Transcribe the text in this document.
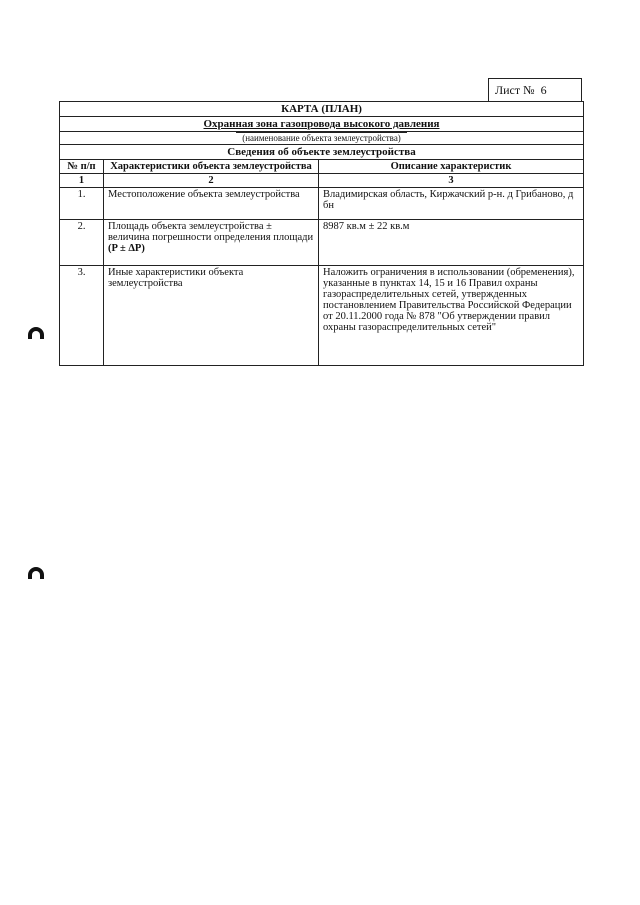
Лист № 6
КАРТА (ПЛАН)		
Охранная зона газопровода высокого давления		
(наименование объекта землеустройства)		
Сведения об объекте землеустройства		
№ п/п	Характеристики объекта землеустройства	Описание характеристик
1	2	3
1.	Местоположение объекта землеустройства	Владимирская область, Киржачский р-н. д Грибаново, д бн
2.	Площадь объекта землеустройства ± величина погрешности определения площади (P ± ΔP)	8987 кв.м ± 22 кв.м
3.	Иные характеристики объекта землеустройства	Наложить ограничения в использовании (обременения), указанные в пунктах 14, 15 и 16 Правил охраны газораспределительных сетей, утвержденных постановлением Правительства Российской Федерации от 20.11.2000 года № 878 "Об утверждении правил охраны газораспределительных сетей"
